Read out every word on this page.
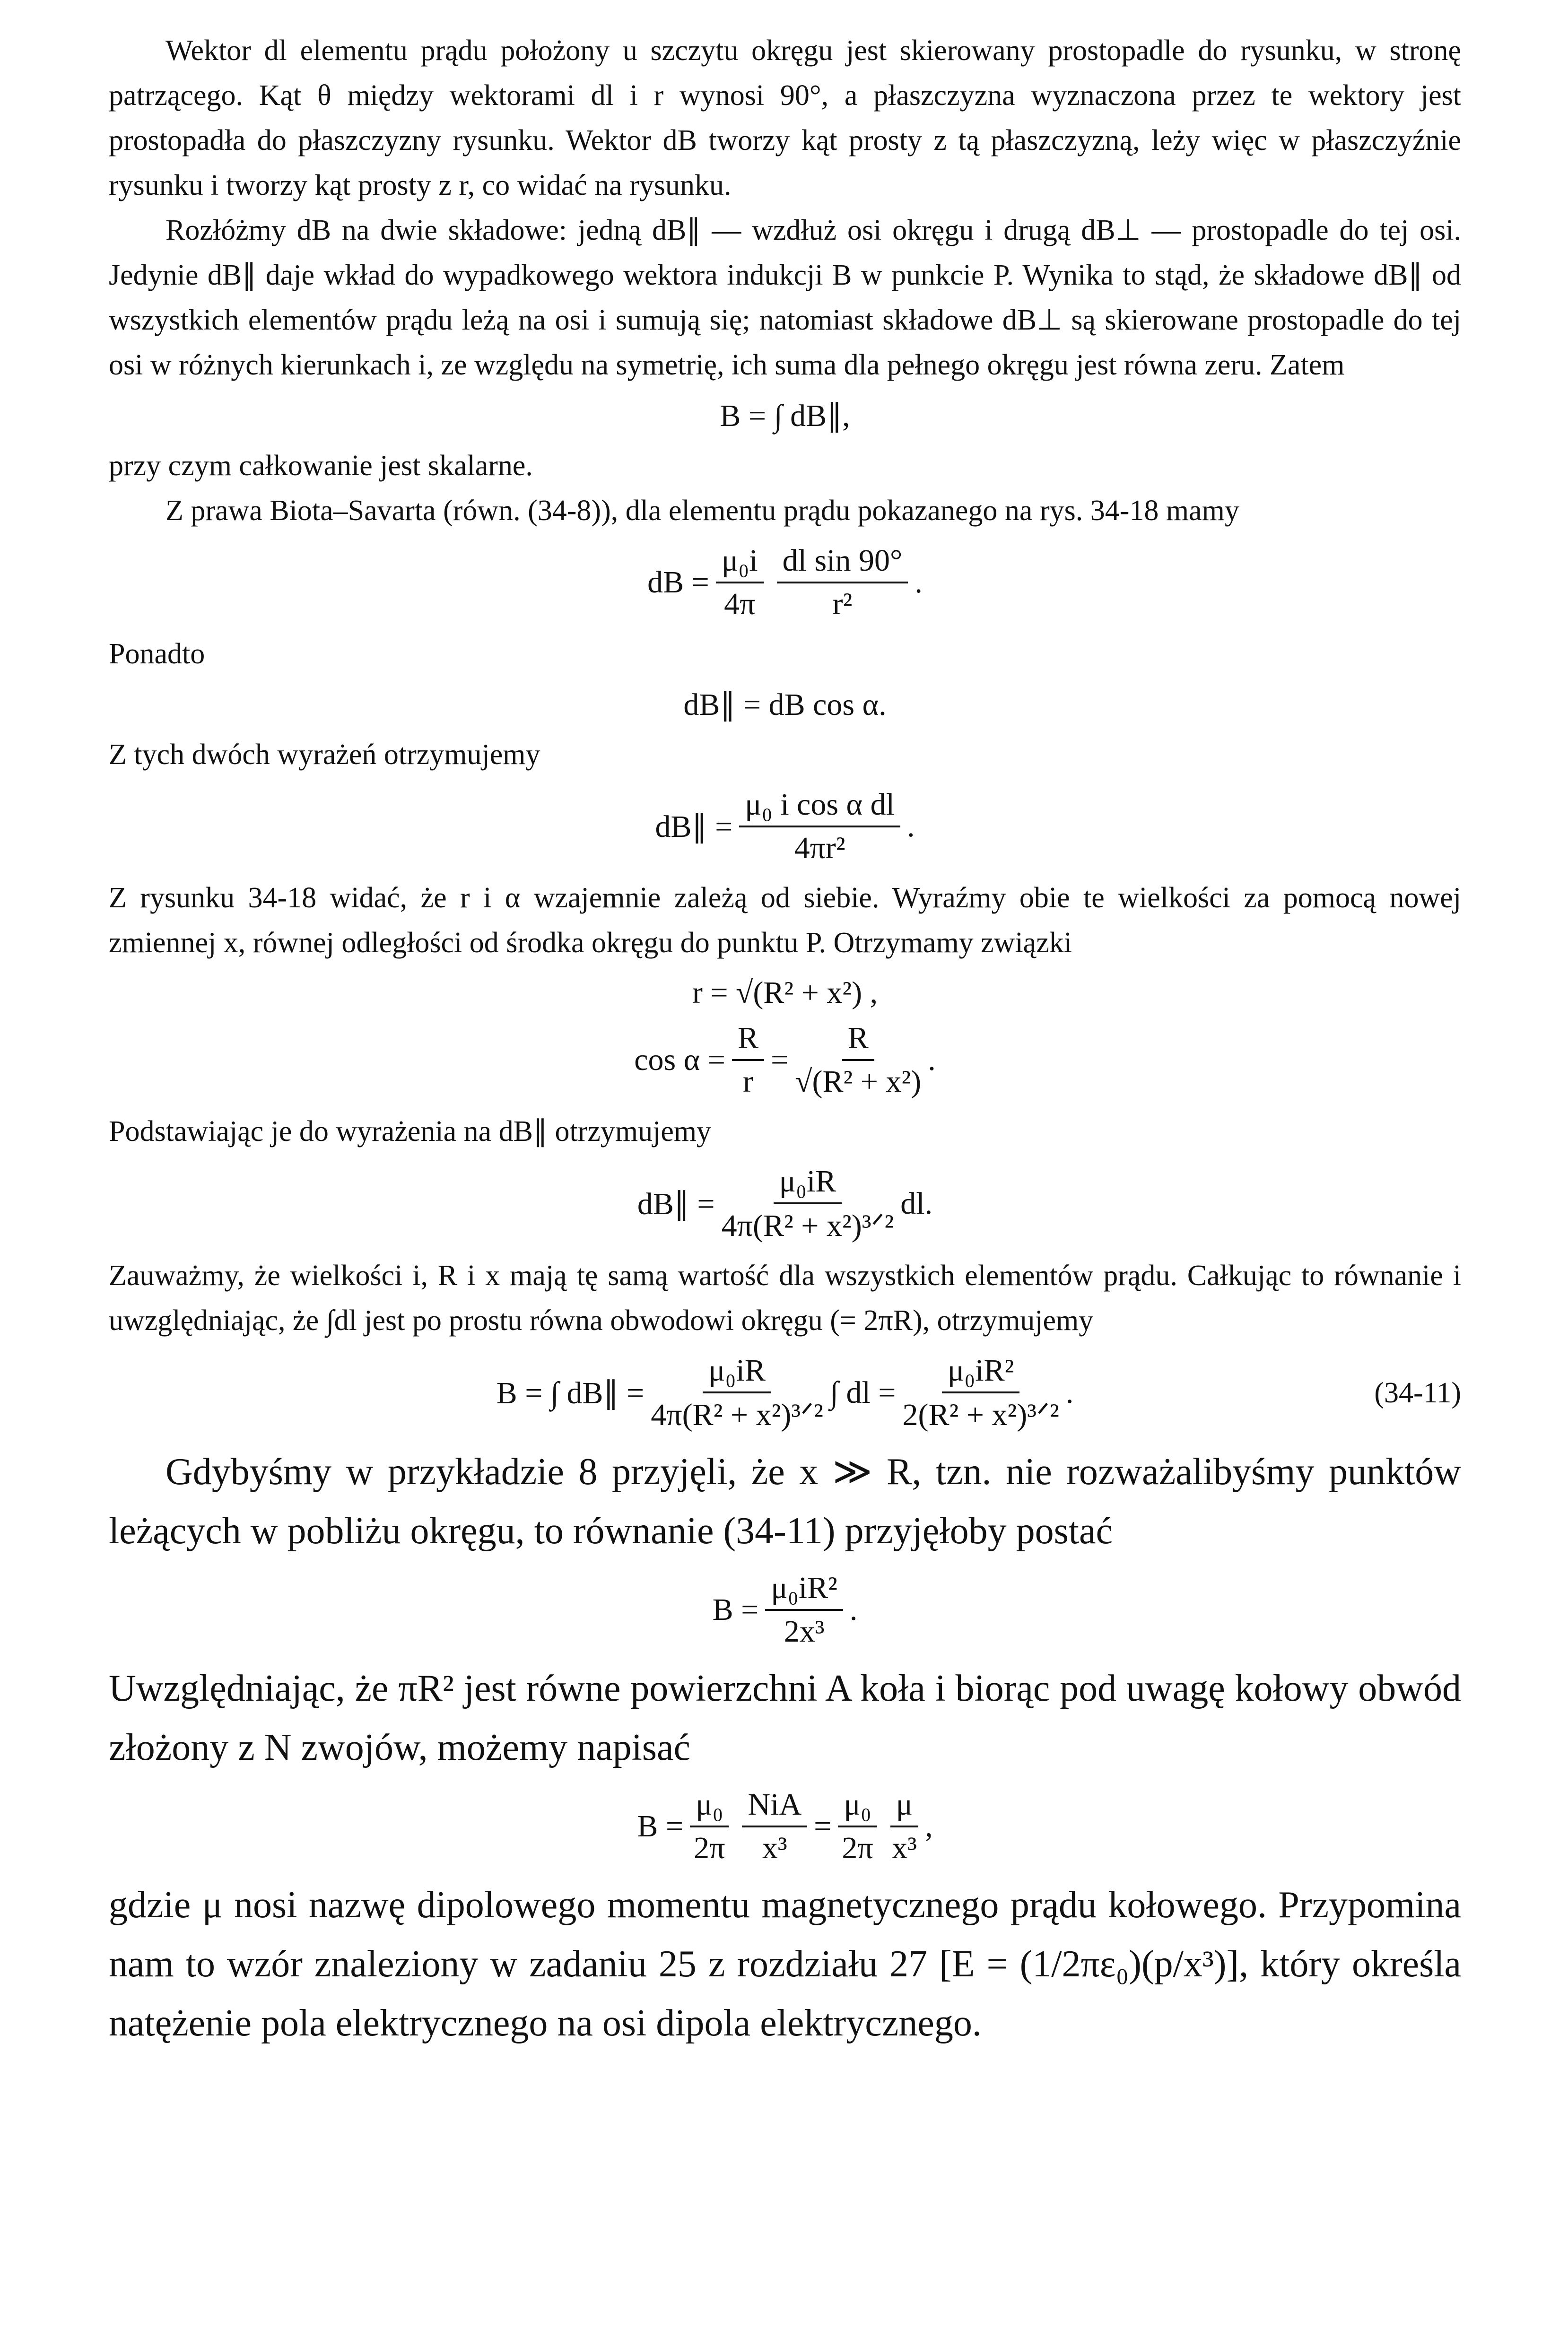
Wektor dl elementu prądu położony u szczytu okręgu jest skierowany prostopadle do rysunku, w stronę patrzącego. Kąt θ między wektorami dl i r wynosi 90°, a płaszczyzna wyznaczona przez te wektory jest prostopadła do płaszczyzny rysunku. Wektor dB tworzy kąt prosty z tą płaszczyzną, leży więc w płaszczyźnie rysunku i tworzy kąt prosty z r, co widać na rysunku.

Rozłóżmy dB na dwie składowe: jedną dB∥ — wzdłuż osi okręgu i drugą dB⊥ — prostopadle do tej osi. Jedynie dB∥ daje wkład do wypadkowego wektora indukcji B w punkcie P. Wynika to stąd, że składowe dB∥ od wszystkich elementów prądu leżą na osi i sumują się; natomiast składowe dB⊥ są skierowane prostopadle do tej osi w różnych kierunkach i, ze względu na symetrię, ich suma dla pełnego okręgu jest równa zeru. Zatem

B = ∫ dB∥,

przy czym całkowanie jest skalarne.

Z prawa Biota–Savarta (równ. (34-8)), dla elementu prądu pokazanego na rys. 34-18 mamy

dB = $\frac{\text{μ₀i}}{4\pi} \frac{\text{dl sin 90°}}{\text{r²}}$ .

Ponadto

dB∥ = dB cos α.

Z tych dwóch wyrażeń otrzymujemy

dB∥ = $\frac{\text{μ₀ i cos α dl}}{\text{4πr²}}$ .

Z rysunku 34-18 widać, że r i α wzajemnie zależą od siebie. Wyraźmy obie te wielkości za pomocą nowej zmiennej x, równej odległości od środka okręgu do punktu P. Otrzymamy związki

r = √(R² + x²) ,
$\cos \alpha = \frac{R}{r} = \frac{R}{\text{√(R² + x²)}}$ .

Podstawiając je do wyrażenia na dB∥ otrzymujemy

dB∥ = $\frac{\text{μ₀iR}}{\text{4π(R² + x²)³ᐟ²}}$ dl.

Zauważmy, że wielkości i, R i x mają tę samą wartość dla wszystkich elementów prądu. Całkując to równanie i uwzględniając, że ∫dl jest po prostu równa obwodowi okręgu (= 2πR), otrzymujemy

B = ∫ dB∥ = $\frac{\text{μ₀iR}}{\text{4π(R² + x²)³ᐟ²}}$ ∫ dl = $\frac{\text{μ₀iR²}}{\text{2(R² + x²)³ᐟ²}}$ .	(34-11)

Gdybyśmy w przykładzie 8 przyjęli, że x ≫ R, tzn. nie rozważalibyśmy punktów leżących w pobliżu okręgu, to równanie (34-11) przyjęłoby postać

$B = \frac{\text{μ₀iR²}}{\text{2x³}}$ .

Uwzględniając, że πR² jest równe powierzchni A koła i biorąc pod uwagę kołowy obwód złożony z N zwojów, możemy napisać

$B = \frac{\text{μ₀}}{2\pi} \frac{\text{NiA}}{\text{x³}} = \frac{\text{μ₀}}{2\pi} \frac{\mu}{\text{x³}}$ ,

gdzie μ nosi nazwę dipolowego momentu magnetycznego prądu kołowego. Przypomina nam to wzór znaleziony w zadaniu 25 z rozdziału 27 [E = (1/2πε₀)(p/x³)], który określa natężenie pola elektrycznego na osi dipola elektrycznego.
